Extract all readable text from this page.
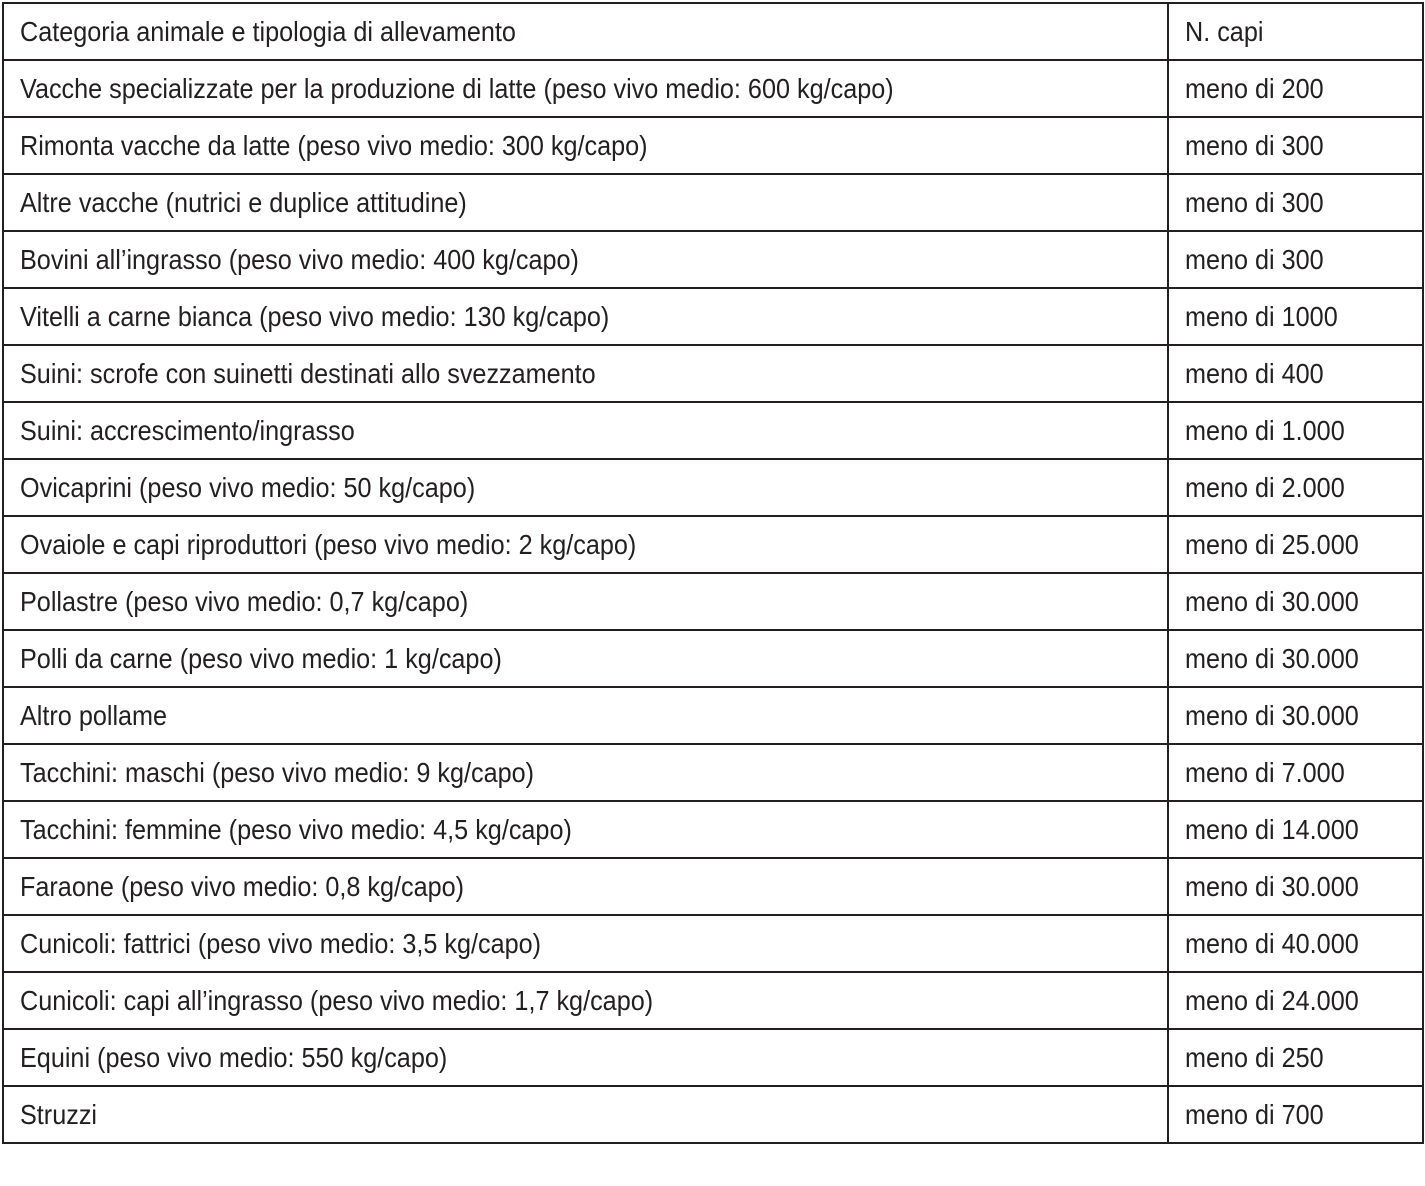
Categoria animale e tipologia di allevamento	N. capi
Vacche specializzate per la produzione di latte (peso vivo medio: 600 kg/capo)	meno di 200
Rimonta vacche da latte (peso vivo medio: 300 kg/capo)	meno di 300
Altre vacche (nutrici e duplice attitudine)	meno di 300
Bovini all’ingrasso (peso vivo medio: 400 kg/capo)	meno di 300
Vitelli a carne bianca (peso vivo medio: 130 kg/capo)	meno di 1000
Suini: scrofe con suinetti destinati allo svezzamento	meno di 400
Suini: accrescimento/ingrasso	meno di 1.000
Ovicaprini (peso vivo medio: 50 kg/capo)	meno di 2.000
Ovaiole e capi riproduttori (peso vivo medio: 2 kg/capo)	meno di 25.000
Pollastre (peso vivo medio: 0,7 kg/capo)	meno di 30.000
Polli da carne (peso vivo medio: 1 kg/capo)	meno di 30.000
Altro pollame	meno di 30.000
Tacchini: maschi (peso vivo medio: 9 kg/capo)	meno di 7.000
Tacchini: femmine (peso vivo medio: 4,5 kg/capo)	meno di 14.000
Faraone (peso vivo medio: 0,8 kg/capo)	meno di 30.000
Cunicoli: fattrici (peso vivo medio: 3,5 kg/capo)	meno di 40.000
Cunicoli: capi all’ingrasso (peso vivo medio: 1,7 kg/capo)	meno di 24.000
Equini (peso vivo medio: 550 kg/capo)	meno di 250
Struzzi	meno di 700
